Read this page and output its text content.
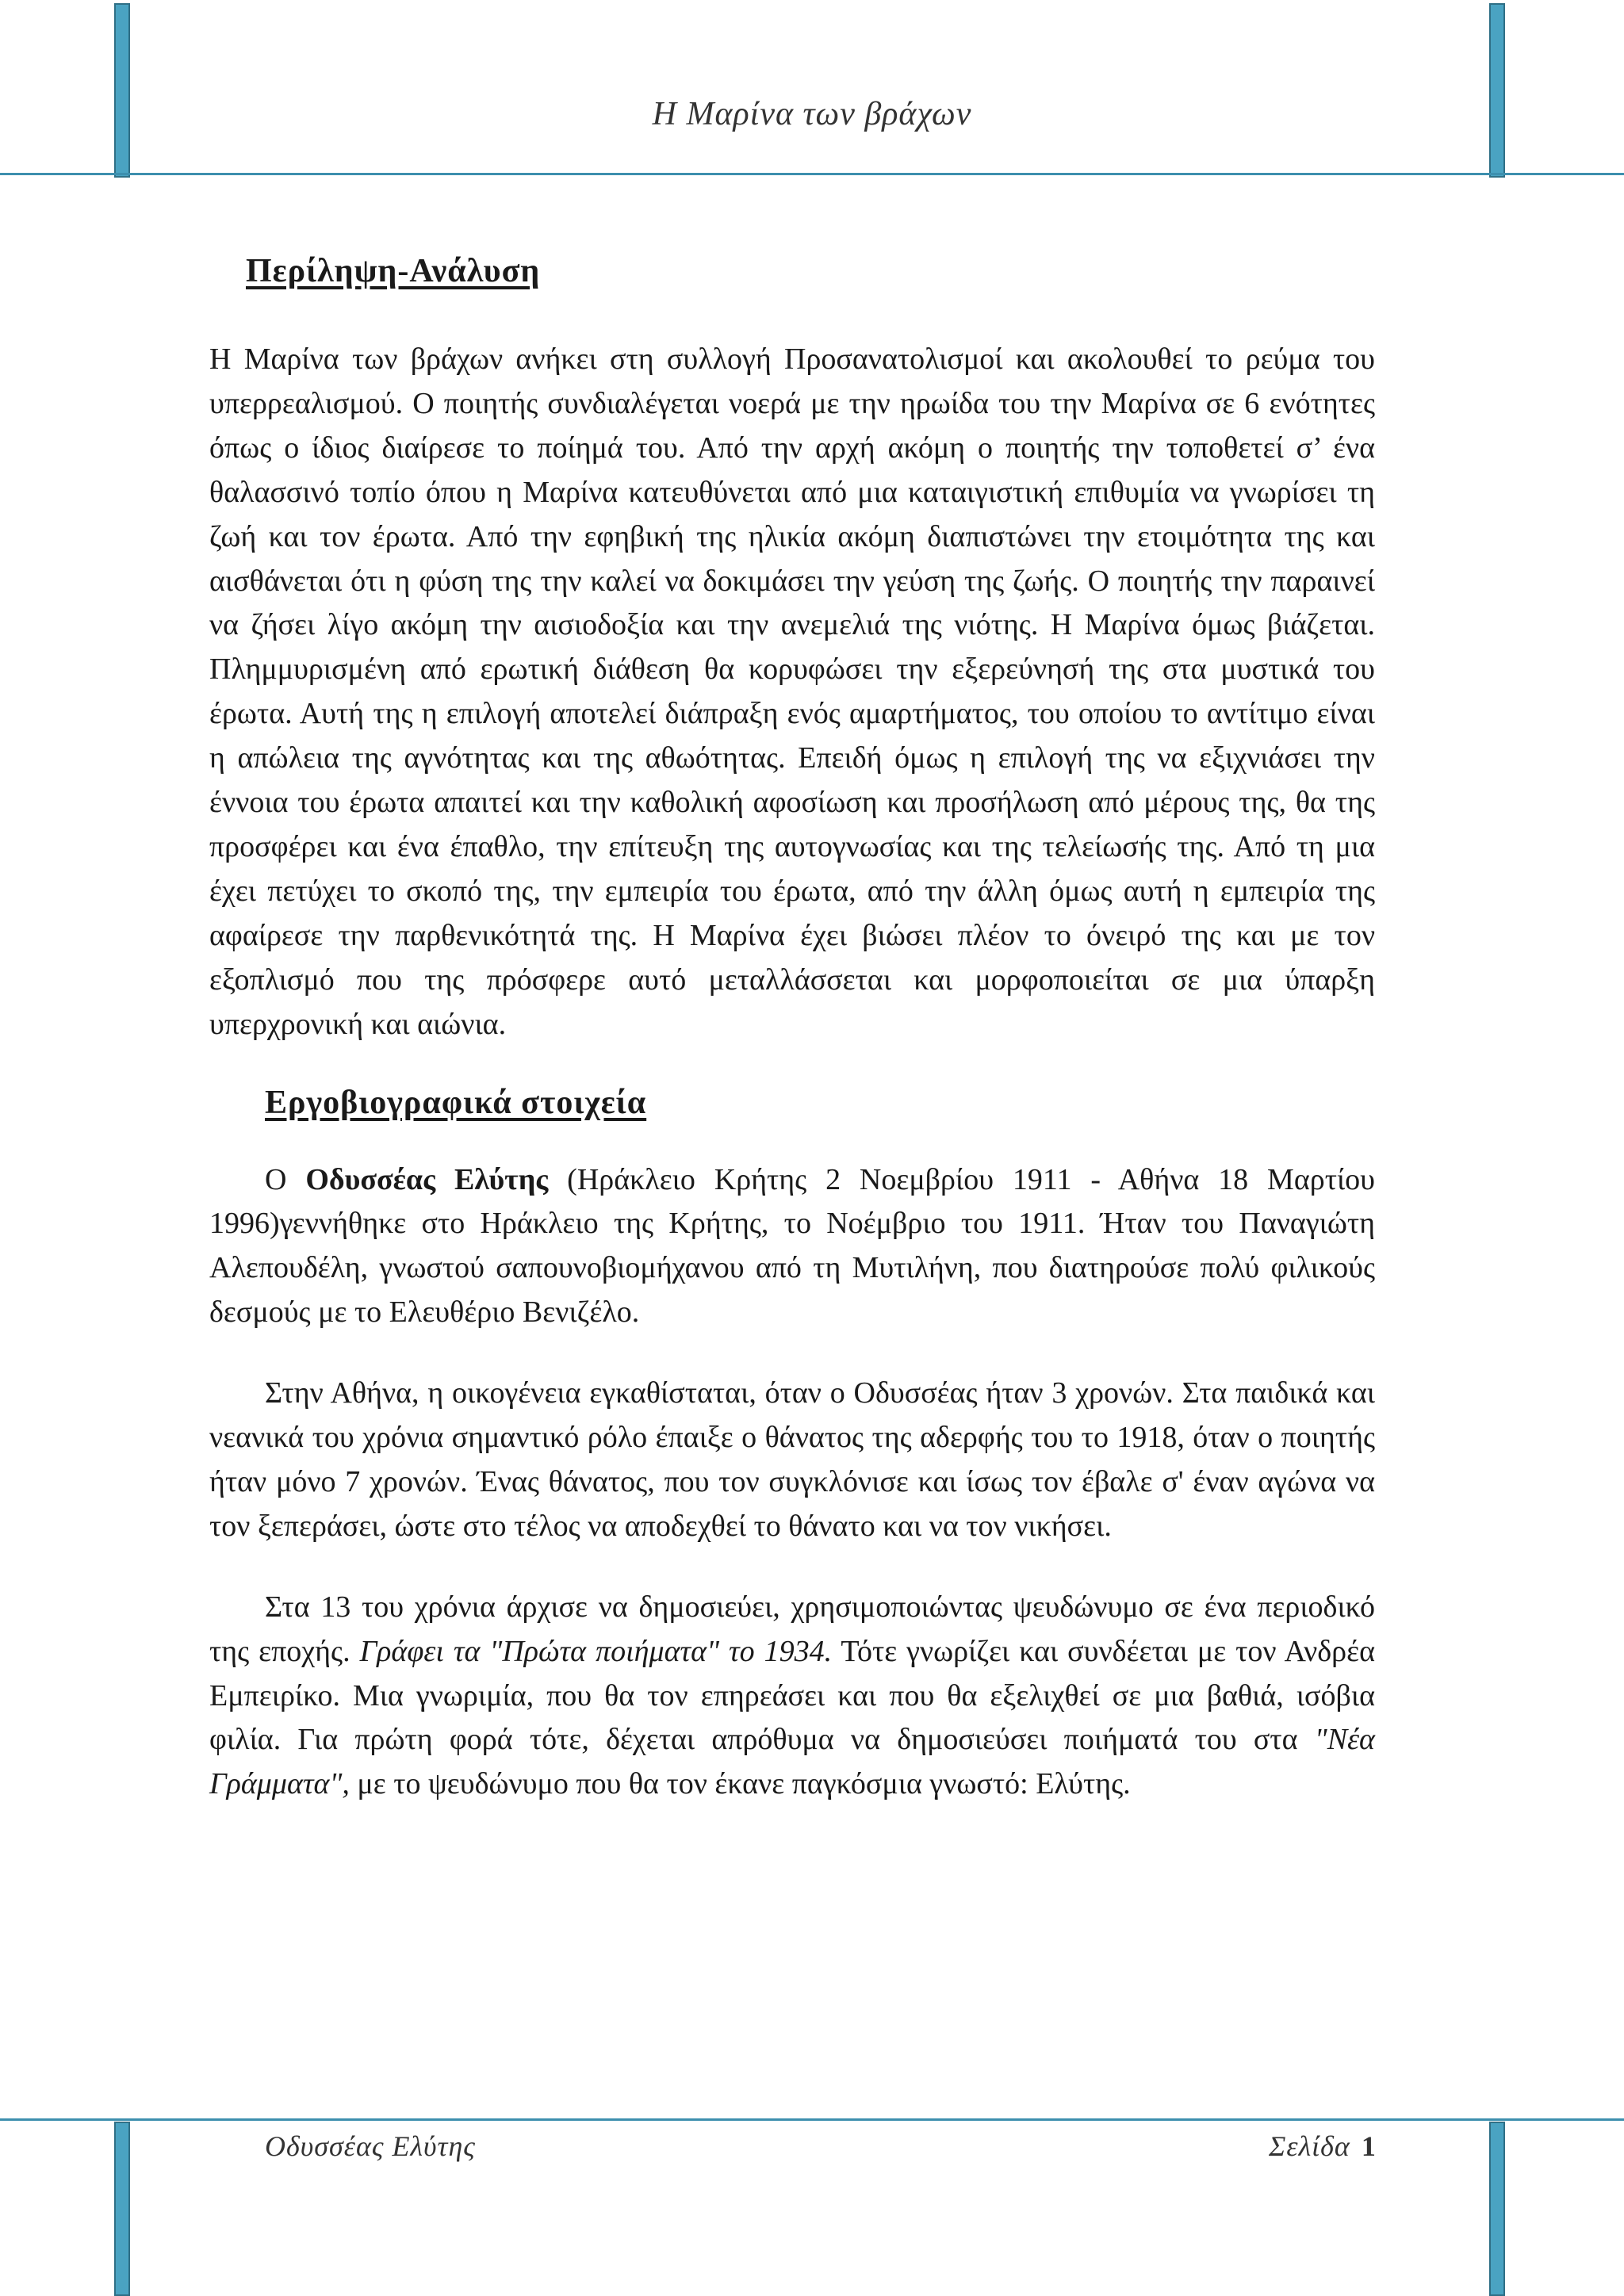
Η Μαρίνα των βράχων
Περίληψη-Ανάλυση

Η Μαρίνα των βράχων ανήκει στη συλλογή Προσανατολισμοί και ακολουθεί το ρεύμα του υπερρεαλισμού. Ο ποιητής συνδιαλέγεται νοερά με την ηρωίδα του την Μαρίνα σε 6 ενότητες όπως ο ίδιος διαίρεσε το ποίημά του. Από την αρχή ακόμη ο ποιητής την τοποθετεί σ’ ένα θαλασσινό τοπίο όπου η Μαρίνα κατευθύνεται από μια καταιγιστική επιθυμία να γνωρίσει τη ζωή και τον έρωτα. Από την εφηβική της ηλικία ακόμη διαπιστώνει την ετοιμότητα της και αισθάνεται ότι η φύση της την καλεί να δοκιμάσει την γεύση της ζωής. Ο ποιητής την παραινεί να ζήσει λίγο ακόμη την αισιοδοξία και την ανεμελιά της νιότης. Η Μαρίνα όμως βιάζεται. Πλημμυρισμένη από ερωτική διάθεση θα κορυφώσει την εξερεύνησή της στα μυστικά του έρωτα. Αυτή της η επιλογή αποτελεί διάπραξη ενός αμαρτήματος, του οποίου το αντίτιμο είναι η απώλεια της αγνότητας και της αθωότητας. Επειδή όμως η επιλογή της να εξιχνιάσει την έννοια του έρωτα απαιτεί και την καθολική αφοσίωση και προσήλωση από μέρους της, θα της προσφέρει και ένα έπαθλο, την επίτευξη της αυτογνωσίας και της τελείωσής της. Από τη μια έχει πετύχει το σκοπό της, την εμπειρία του έρωτα, από την άλλη όμως αυτή η εμπειρία της αφαίρεσε την παρθενικότητά της. Η Μαρίνα έχει βιώσει πλέον το όνειρό της και με τον εξοπλισμό που της πρόσφερε αυτό μεταλλάσσεται και μορφοποιείται σε μια ύπαρξη υπερχρονική και αιώνια.

Εργοβιογραφικά στοιχεία

Ο Οδυσσέας Ελύτης (Ηράκλειο Κρήτης 2 Νοεμβρίου 1911 - Αθήνα 18 Μαρτίου 1996)γεννήθηκε στο Ηράκλειο της Κρήτης, το Νοέμβριο του 1911. Ήταν του Παναγιώτη Αλεπουδέλη, γνωστού σαπουνοβιομήχανου από τη Μυτιλήνη, που διατηρούσε πολύ φιλικούς δεσμούς με το Ελευθέριο Βενιζέλο.

Στην Αθήνα, η οικογένεια εγκαθίσταται, όταν ο Οδυσσέας ήταν 3 χρονών. Στα παιδικά και νεανικά του χρόνια σημαντικό ρόλο έπαιξε ο θάνατος της αδερφής του το 1918, όταν ο ποιητής ήταν μόνο 7 χρονών. Ένας θάνατος, που τον συγκλόνισε και ίσως τον έβαλε σ' έναν αγώνα να τον ξεπεράσει, ώστε στο τέλος να αποδεχθεί το θάνατο και να τον νικήσει.

Στα 13 του χρόνια άρχισε να δημοσιεύει, χρησιμοποιώντας ψευδώνυμο σε ένα περιοδικό της εποχής. Γράφει τα "Πρώτα ποιήματα" το 1934. Τότε γνωρίζει και συνδέεται με τον Ανδρέα Εμπειρίκο. Μια γνωριμία, που θα τον επηρεάσει και που θα εξελιχθεί σε μια βαθιά, ισόβια φιλία. Για πρώτη φορά τότε, δέχεται απρόθυμα να δημοσιεύσει ποιήματά του στα "Νέα Γράμματα", με το ψευδώνυμο που θα τον έκανε παγκόσμια γνωστό: Ελύτης.

Οδυσσέας Ελύτης	Σελίδα 1
